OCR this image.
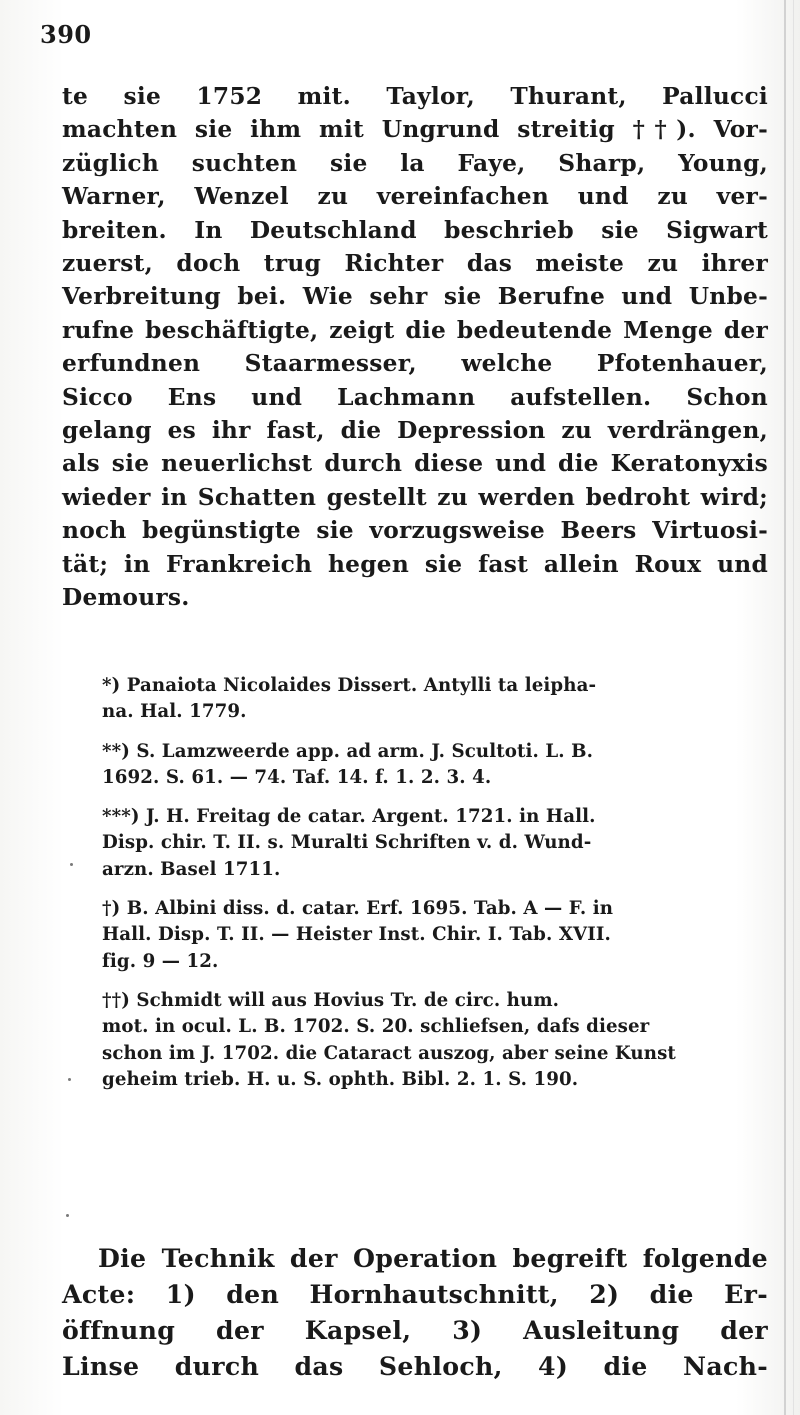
390
te sie 1752 mit. Taylor, Thurant, Pallucci
machten sie ihm mit Ungrund streitig ††). Vor-
züglich suchten sie la Faye, Sharp, Young,
Warner, Wenzel zu vereinfachen und zu ver-
breiten. In Deutschland beschrieb sie Sigwart
zuerst, doch trug Richter das meiste zu ihrer
Verbreitung bei. Wie sehr sie Berufne und Unbe-
rufne beschäftigte, zeigt die bedeutende Menge der
erfundnen Staarmesser, welche Pfotenhauer,
Sicco Ens und Lachmann aufstellen. Schon
gelang es ihr fast, die Depression zu verdrängen,
als sie neuerlichst durch diese und die Keratonyxis
wieder in Schatten gestellt zu werden bedroht wird;
noch begünstigte sie vorzugsweise Beers Virtuosi-
tät; in Frankreich hegen sie fast allein Roux und
Demours.
*) Panaiota Nicolaides Dissert. Antylli ta leipha-
na. Hal. 1779.
**) S. Lamzweerde app. ad arm. J. Scultoti. L. B.
1692. S. 61. — 74. Taf. 14. f. 1. 2. 3. 4.
***) J. H. Freitag de catar. Argent. 1721. in Hall.
Disp. chir. T. II. s. Muralti Schriften v. d. Wund-
arzn. Basel 1711.
†) B. Albini diss. d. catar. Erf. 1695. Tab. A — F. in
Hall. Disp. T. II. — Heister Inst. Chir. I. Tab. XVII.
fig. 9 — 12.
††) Schmidt will aus Hovius Tr. de circ. hum.
mot. in ocul. L. B. 1702. S. 20. schliefsen, dafs dieser
schon im J. 1702. die Cataract auszog, aber seine Kunst
geheim trieb. H. u. S. ophth. Bibl. 2. 1. S. 190.
Die Technik der Operation begreift folgende
Acte: 1) den Hornhautschnitt, 2) die Er-
öffnung der Kapsel, 3) Ausleitung der
Linse durch das Sehloch, 4) die Nach-
